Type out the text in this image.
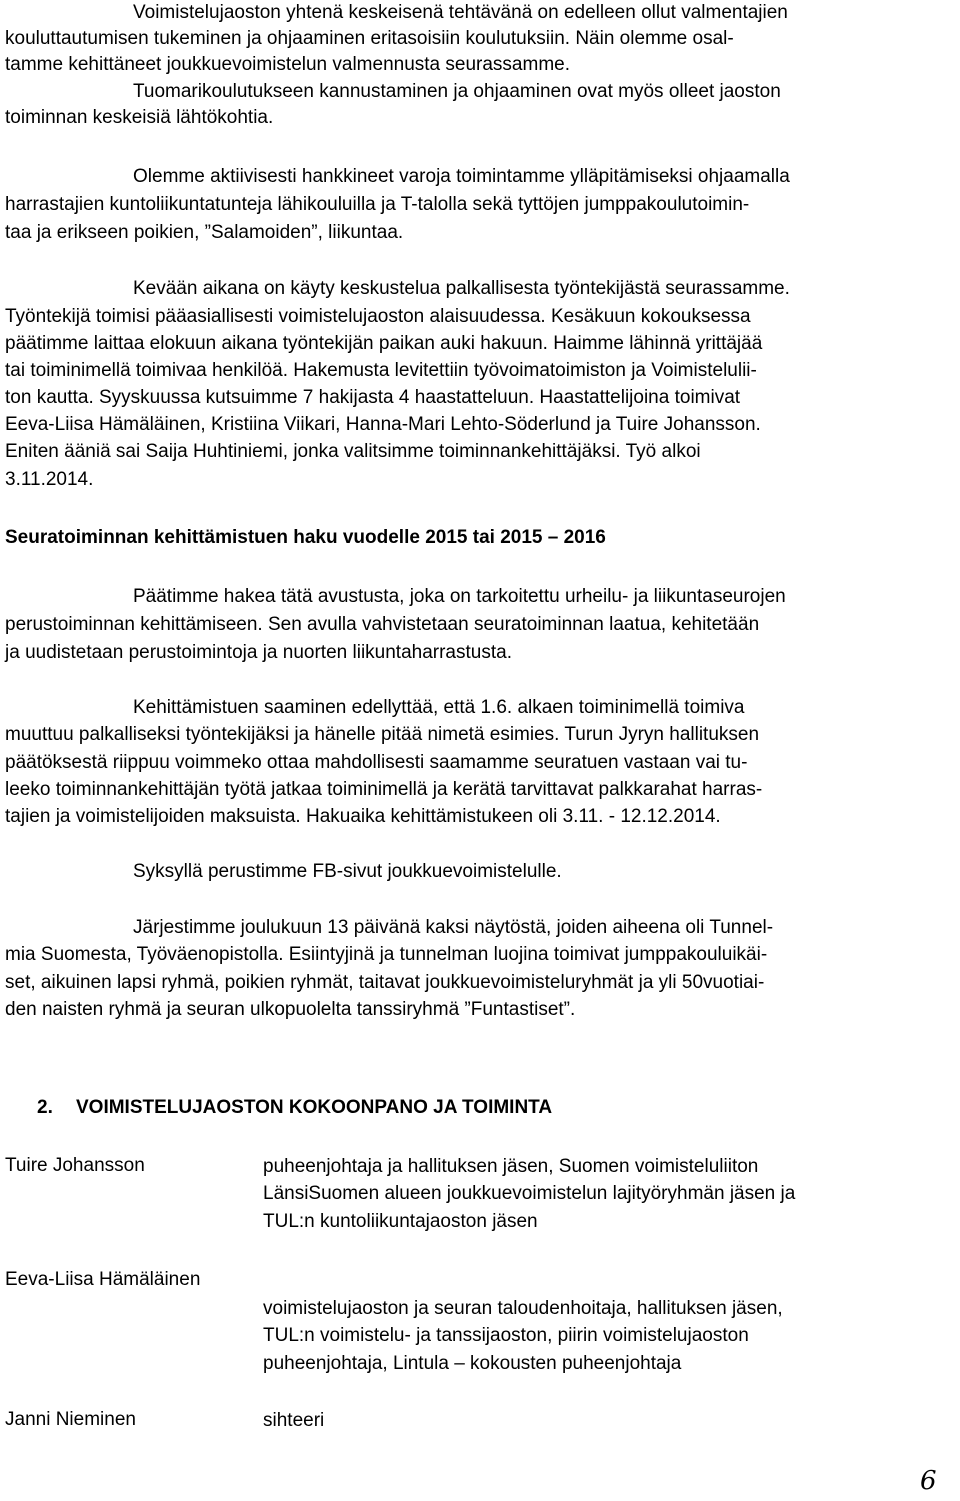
Voimistelujaoston yhtenä keskeisenä tehtävänä on edelleen ollut valmentajien
kouluttautumisen tukeminen ja ohjaaminen eritasoisiin koulutuksiin. Näin olemme osal-
tamme kehittäneet joukkuevoimistelun valmennusta seurassamme.
Tuomarikoulutukseen kannustaminen ja ohjaaminen ovat myös olleet jaoston
toiminnan keskeisiä lähtökohtia.
Olemme aktiivisesti hankkineet varoja toimintamme ylläpitämiseksi ohjaamalla
harrastajien kuntoliikuntatunteja lähikouluilla ja T-talolla sekä tyttöjen jumppakoulutoimin-
taa ja erikseen poikien, ”Salamoiden”, liikuntaa.
Kevään aikana on käyty keskustelua palkallisesta työntekijästä seurassamme.
Työntekijä toimisi pääasiallisesti voimistelujaoston alaisuudessa. Kesäkuun kokouksessa
päätimme laittaa elokuun aikana työntekijän paikan auki hakuun. Haimme lähinnä yrittäjää
tai toiminimellä toimivaa henkilöä. Hakemusta levitettiin työvoimatoimiston ja Voimistelulii-
ton kautta. Syyskuussa kutsuimme 7 hakijasta 4 haastatteluun. Haastattelijoina toimivat
Eeva-Liisa Hämäläinen, Kristiina Viikari, Hanna-Mari Lehto-Söderlund ja Tuire Johansson.
Eniten ääniä sai Saija Huhtiniemi, jonka valitsimme toiminnankehittäjäksi. Työ alkoi
3.11.2014.
Seuratoiminnan kehittämistuen haku vuodelle 2015 tai 2015 – 2016
Päätimme hakea tätä avustusta, joka on tarkoitettu urheilu- ja liikuntaseurojen
perustoiminnan kehittämiseen. Sen avulla vahvistetaan seuratoiminnan laatua, kehitetään
ja uudistetaan perustoimintoja ja nuorten liikuntaharrastusta.
Kehittämistuen saaminen edellyttää, että 1.6. alkaen toiminimellä toimiva
muuttuu palkalliseksi työntekijäksi ja hänelle pitää nimetä esimies. Turun Jyryn hallituksen
päätöksestä riippuu voimmeko ottaa mahdollisesti saamamme seuratuen vastaan vai tu-
leeko toiminnankehittäjän työtä jatkaa toiminimellä ja kerätä tarvittavat palkkarahat harras-
tajien ja voimistelijoiden maksuista. Hakuaika kehittämistukeen oli 3.11. - 12.12.2014.
Syksyllä perustimme FB-sivut joukkuevoimistelulle.
Järjestimme joulukuun 13 päivänä kaksi näytöstä, joiden aiheena oli Tunnel-
mia Suomesta, Työväenopistolla. Esiintyjinä ja tunnelman luojina toimivat jumppakouluikäi-
set, aikuinen lapsi ryhmä, poikien ryhmät, taitavat joukkuevoimisteluryhmät ja yli 50vuotiai-
den naisten ryhmä ja seuran ulkopuolelta tanssiryhmä ”Funtastiset”.
2. VOIMISTELUJAOSTON KOKOONPANO JA TOIMINTA
Tuire Johansson	puheenjohtaja ja hallituksen jäsen, Suomen voimisteluliiton
LänsiSuomen alueen joukkuevoimistelun lajityöryhmän jäsen ja
TUL:n kuntoliikuntajaoston jäsen
Eeva-Liisa Hämäläinen
voimistelujaoston ja seuran taloudenhoitaja, hallituksen jäsen,
TUL:n voimistelu- ja tanssijaoston, piirin voimistelujaoston
puheenjohtaja, Lintula – kokousten puheenjohtaja
Janni Nieminen	sihteeri
6
